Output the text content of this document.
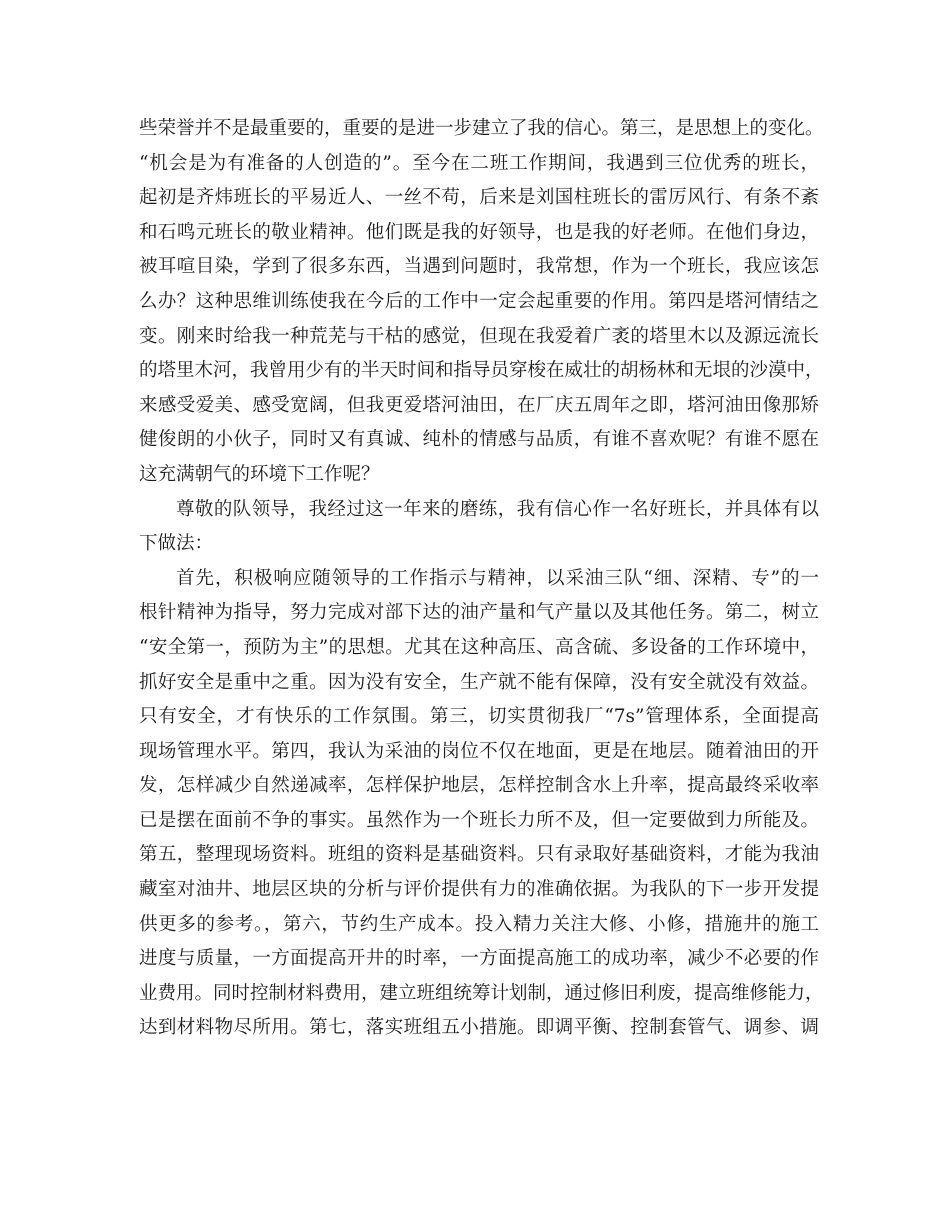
些荣誉并不是最重要的，重要的是进一步建立了我的信心。第三，是思想上的变化。
“机会是为有准备的人创造的”。至今在二班工作期间，我遇到三位优秀的班长，
起初是齐炜班长的平易近人、一丝不苟，后来是刘国柱班长的雷厉风行、有条不紊
和石鸣元班长的敬业精神。他们既是我的好领导，也是我的好老师。在他们身边，
被耳喧目染，学到了很多东西，当遇到问题时，我常想，作为一个班长，我应该怎
么办？这种思维训练使我在今后的工作中一定会起重要的作用。第四是塔河情结之
变。刚来时给我一种荒芜与干枯的感觉，但现在我爱着广袤的塔里木以及源远流长
的塔里木河，我曾用少有的半天时间和指导员穿梭在威壮的胡杨林和无垠的沙漠中，
来感受爱美、感受宽阔，但我更爱塔河油田，在厂庆五周年之即，塔河油田像那矫
健俊朗的小伙子，同时又有真诚、纯朴的情感与品质，有谁不喜欢呢？有谁不愿在
这充满朝气的环境下工作呢？
尊敬的队领导，我经过这一年来的磨练，我有信心作一名好班长，并具体有以
下做法：
首先，积极响应随领导的工作指示与精神，以采油三队“细、深精、专”的一
根针精神为指导，努力完成对部下达的油产量和气产量以及其他任务。第二，树立
“安全第一，预防为主”的思想。尤其在这种高压、高含硫、多设备的工作环境中，
抓好安全是重中之重。因为没有安全，生产就不能有保障，没有安全就没有效益。
只有安全，才有快乐的工作氛围。第三，切实贯彻我厂“7s”管理体系，全面提高
现场管理水平。第四，我认为采油的岗位不仅在地面，更是在地层。随着油田的开
发，怎样减少自然递减率，怎样保护地层，怎样控制含水上升率，提高最终采收率
已是摆在面前不争的事实。虽然作为一个班长力所不及，但一定要做到力所能及。
第五，整理现场资料。班组的资料是基础资料。只有录取好基础资料，才能为我油
藏室对油井、地层区块的分析与评价提供有力的准确依据。为我队的下一步开发提
供更多的参考。，第六，节约生产成本。投入精力关注大修、小修，措施井的施工
进度与质量，一方面提高开井的时率，一方面提高施工的成功率，减少不必要的作
业费用。同时控制材料费用，建立班组统筹计划制，通过修旧利废，提高维修能力，
达到材料物尽所用。第七，落实班组五小措施。即调平衡、控制套管气、调参、调
